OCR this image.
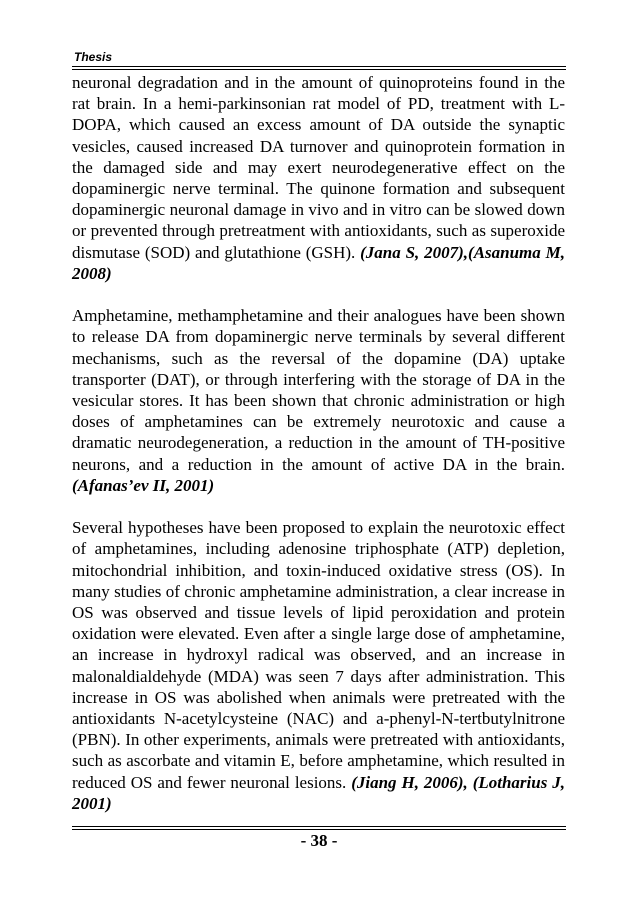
Thesis

neuronal degradation and in the amount of quinoproteins found in the rat brain. In a hemi-parkinsonian rat model of PD, treatment with L-DOPA, which caused an excess amount of DA outside the synaptic vesicles, caused increased DA turnover and quinoprotein formation in the damaged side and may exert neurodegenerative effect on the dopaminergic nerve terminal. The quinone formation and subsequent dopaminergic neuronal damage in vivo and in vitro can be slowed down or prevented through pretreatment with antioxidants, such as superoxide dismutase (SOD) and glutathione (GSH). (Jana S, 2007),(Asanuma M, 2008)

Amphetamine, methamphetamine and their analogues have been shown to release DA from dopaminergic nerve terminals by several different mechanisms, such as the reversal of the dopamine (DA) uptake transporter (DAT), or through interfering with the storage of DA in the vesicular stores. It has been shown that chronic administration or high doses of amphetamines can be extremely neurotoxic and cause a dramatic neurodegeneration, a reduction in the amount of TH-positive neurons, and a reduction in the amount of active DA in the brain. (Afanas’ev II, 2001)

Several hypotheses have been proposed to explain the neurotoxic effect of amphetamines, including adenosine triphosphate (ATP) depletion, mitochondrial inhibition, and toxin-induced oxidative stress (OS). In many studies of chronic amphetamine administration, a clear increase in OS was observed and tissue levels of lipid peroxidation and protein oxidation were elevated. Even after a single large dose of amphetamine, an increase in hydroxyl radical was observed, and an increase in malonaldialdehyde (MDA) was seen 7 days after administration. This increase in OS was abolished when animals were pretreated with the antioxidants N-acetylcysteine (NAC) and a-phenyl-N-tertbutylnitrone (PBN). In other experiments, animals were pretreated with antioxidants, such as ascorbate and vitamin E, before amphetamine, which resulted in reduced OS and fewer neuronal lesions. (Jiang H, 2006), (Lotharius J, 2001)

- 38 -
